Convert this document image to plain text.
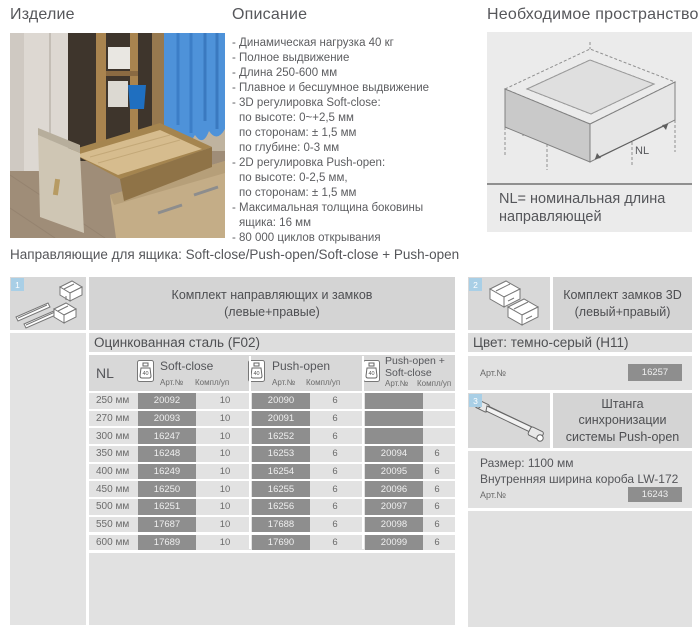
Изделие	Описание
- Динамическая нагрузка 40 кг
- Полное выдвижение
- Длина 250-600 мм
- Плавное и бесшумное выдвижение
- 3D регулировка Soft-close:
по высоте: 0~+2,5 мм
по сторонам: ± 1,5 мм
по глубине: 0-3 мм
- 2D регулировка Push-open:
по высоте: 0-2,5 мм,
по сторонам: ± 1,5 мм
- Максимальная толщина боковины
ящика: 16 мм
- 80 000 циклов открывания
Необходимое пространство
NL
NL= номинальная длина направляющей
Направляющие для ящика: Soft-close/Push-open/Soft-close + Push-open
1
Комплект направляющих и замков
(левые+правые)
Оцинкованная сталь (F02)
NL	40
Soft-close
Арт.№ Компл/уп
40
Push-open
Арт.№ Компл/уп
40
Push-open +
Soft-close
Арт.№ Компл/уп
250 мм	20092	10	20090	6
270 мм	20093	10	20091	6
300 мм	16247	10	16252	6
350 мм	16248	10	16253	6	20094	6
400 мм	16249	10	16254	6	20095	6
450 мм	16250	10	16255	6	20096	6
500 мм	16251	10	16256	6	20097	6
550 мм	17687	10	17688	6	20098	6
600 мм	17689	10	17690	6	20099	6
2
Комплект замков 3D
(левый+правый)
Цвет: темно-серый (H11)
Арт.№	16257
3	Штанга
синхронизации
системы Push-open
Размер: 1100 мм
Внутренняя ширина короба LW-172
Арт.№	16243
